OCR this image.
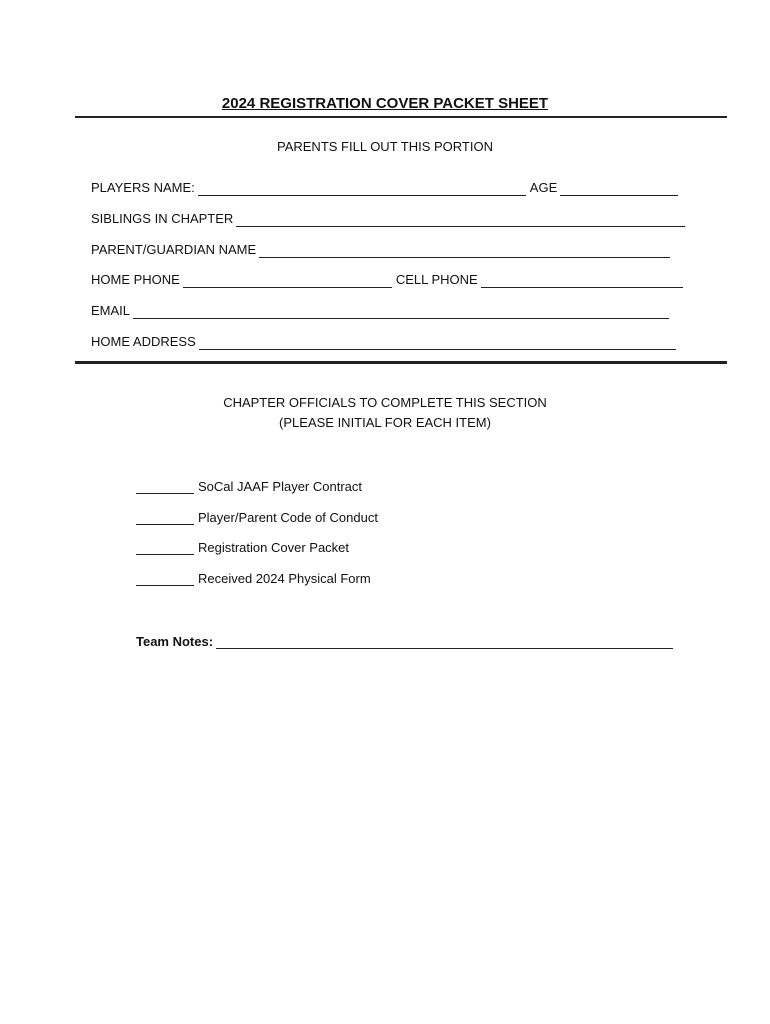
2024 REGISTRATION COVER PACKET SHEET
PARENTS FILL OUT THIS PORTION
PLAYERS NAME:	AGE
SIBLINGS IN CHAPTER
PARENT/GUARDIAN NAME
HOME PHONE	CELL PHONE
EMAIL
HOME ADDRESS
CHAPTER OFFICIALS TO COMPLETE THIS SECTION
(PLEASE INITIAL FOR EACH ITEM)
SoCal JAAF Player Contract
Player/Parent Code of Conduct
Registration Cover Packet
Received 2024 Physical Form
Team Notes:
